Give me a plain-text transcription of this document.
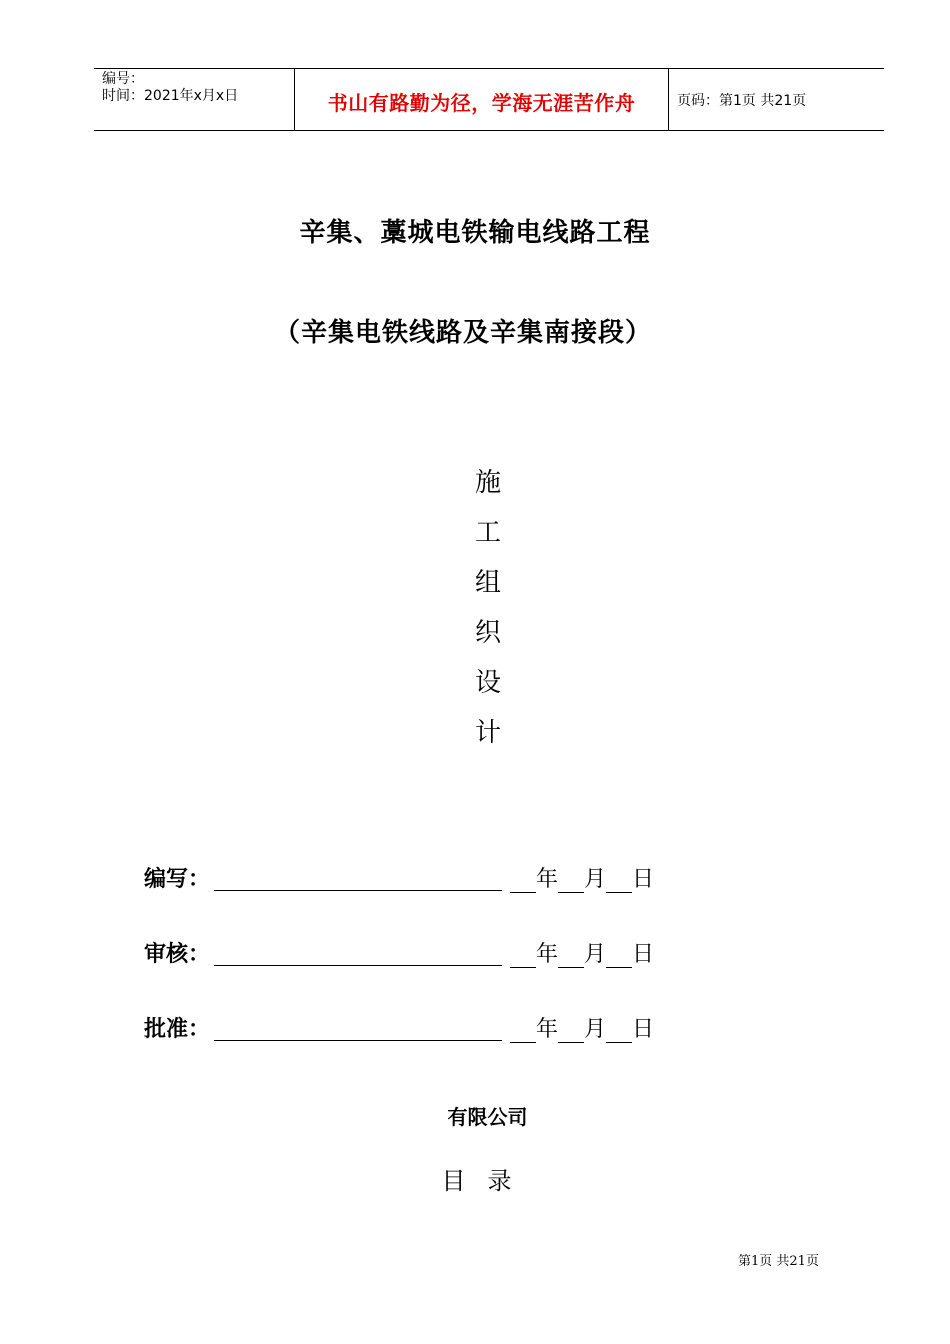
编号：
时间：2021年x月x日	书山有路勤为径，学海无涯苦作舟	页码：第1页 共21页
辛集、藁城电铁输电线路工程
（辛集电铁线路及辛集南接段）
施
工
组
织
设
计
编写：	年 月 日
审核：	年 月 日
批准：	年 月 日
有限公司
目录
第1页 共21页
